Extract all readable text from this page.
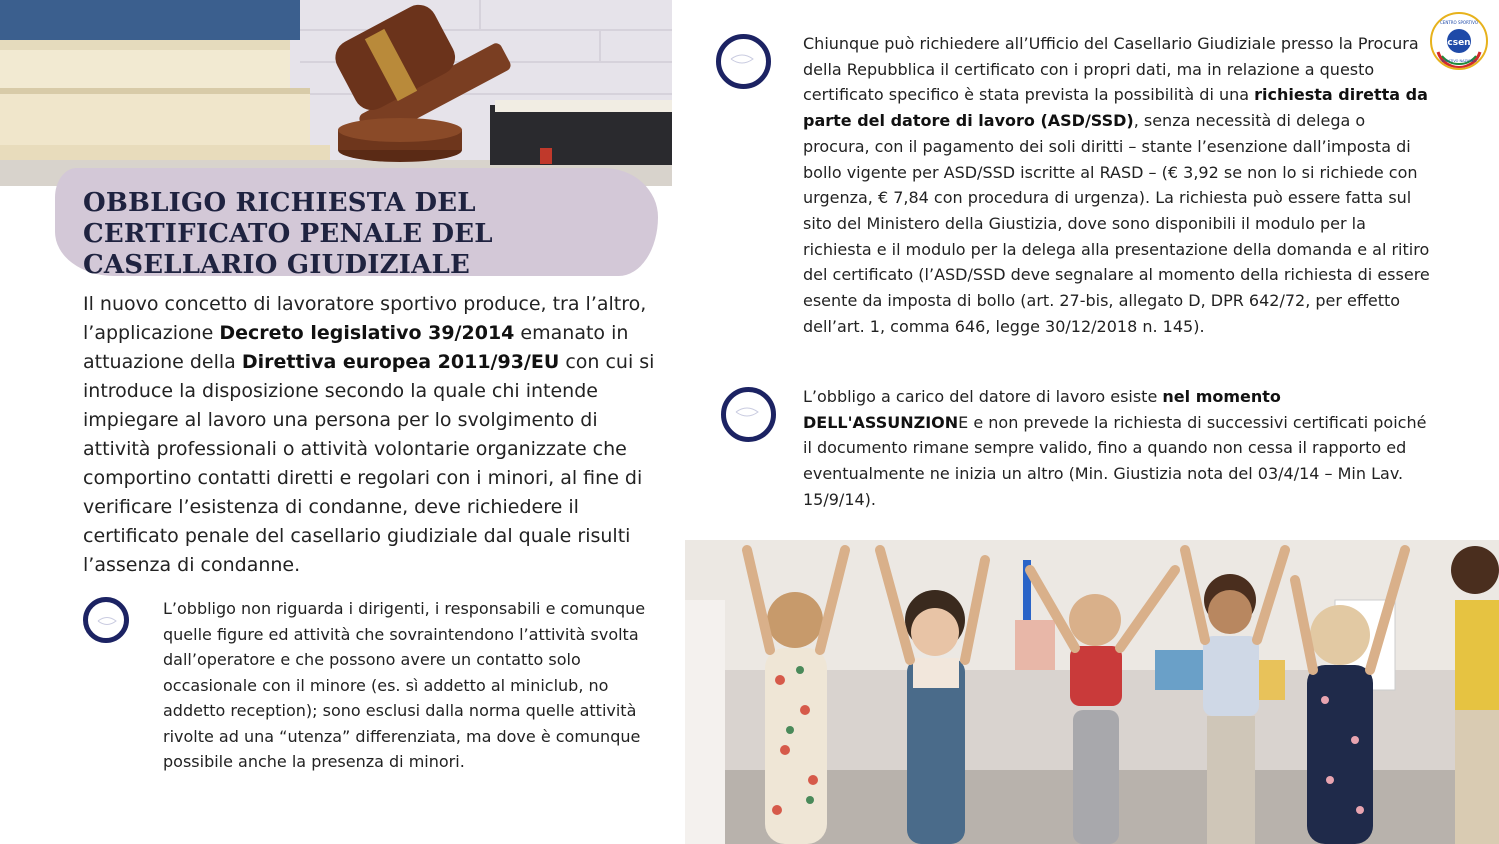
OBBLIGO RICHIESTA DEL CERTIFICATO PENALE DEL CASELLARIO GIUDIZIALE

Il nuovo concetto di lavoratore sportivo produce, tra l’altro, l’applicazione Decreto legislativo 39/2014 emanato in attuazione della Direttiva europea 2011/93/EU con cui si introduce la disposizione secondo la quale chi intende impiegare al lavoro una persona per lo svolgimento di attività professionali o attività volontarie organizzate che comportino contatti diretti e regolari con i minori, al fine di verificare l’esistenza di condanne, deve richiedere il certificato penale del casellario giudiziale dal quale risulti l’assenza di condanne.

L’obbligo non riguarda i dirigenti, i responsabili e comunque quelle figure ed attività che sovraintendono l’attività svolta dall’operatore e che possono avere un contatto solo occasionale con il minore (es. sì addetto al miniclub, no addetto reception); sono esclusi dalla norma quelle attività rivolte ad una “utenza” differenziata, ma dove è comunque possibile anche la presenza di minori.

Chiunque può richiedere all’Ufficio del Casellario Giudiziale presso la Procura della Repubblica il certificato con i propri dati, ma in relazione a questo certificato specifico è stata prevista la possibilità di una richiesta diretta da parte del datore di lavoro (ASD/SSD), senza necessità di delega o procura, con il pagamento dei soli diritti – stante l’esenzione dall’imposta di bollo vigente per ASD/SSD iscritte al RASD – (€ 3,92 se non lo si richiede con urgenza, € 7,84 con procedura di urgenza). La richiesta può essere fatta sul sito del Ministero della Giustizia, dove sono disponibili il modulo per la richiesta e il modulo per la delega alla presentazione della domanda e al ritiro del certificato (l’ASD/SSD deve segnalare al momento della richiesta di essere esente da imposta di bollo (art. 27-bis, allegato D, DPR 642/72, per effetto dell’art. 1, comma 646, legge 30/12/2018 n. 145).

L’obbligo a carico del datore di lavoro esiste nel momento DELL'ASSUNZIONE e non prevede la richiesta di successivi certificati poiché il documento rimane sempre valido, fino a quando non cessa il rapporto ed eventualmente ne inizia un altro (Min. Giustizia nota del 03/4/14 – Min Lav. 15/9/14).

csen
CENTRO SPORTIVO
EDUCATIVO NAZIONALE
